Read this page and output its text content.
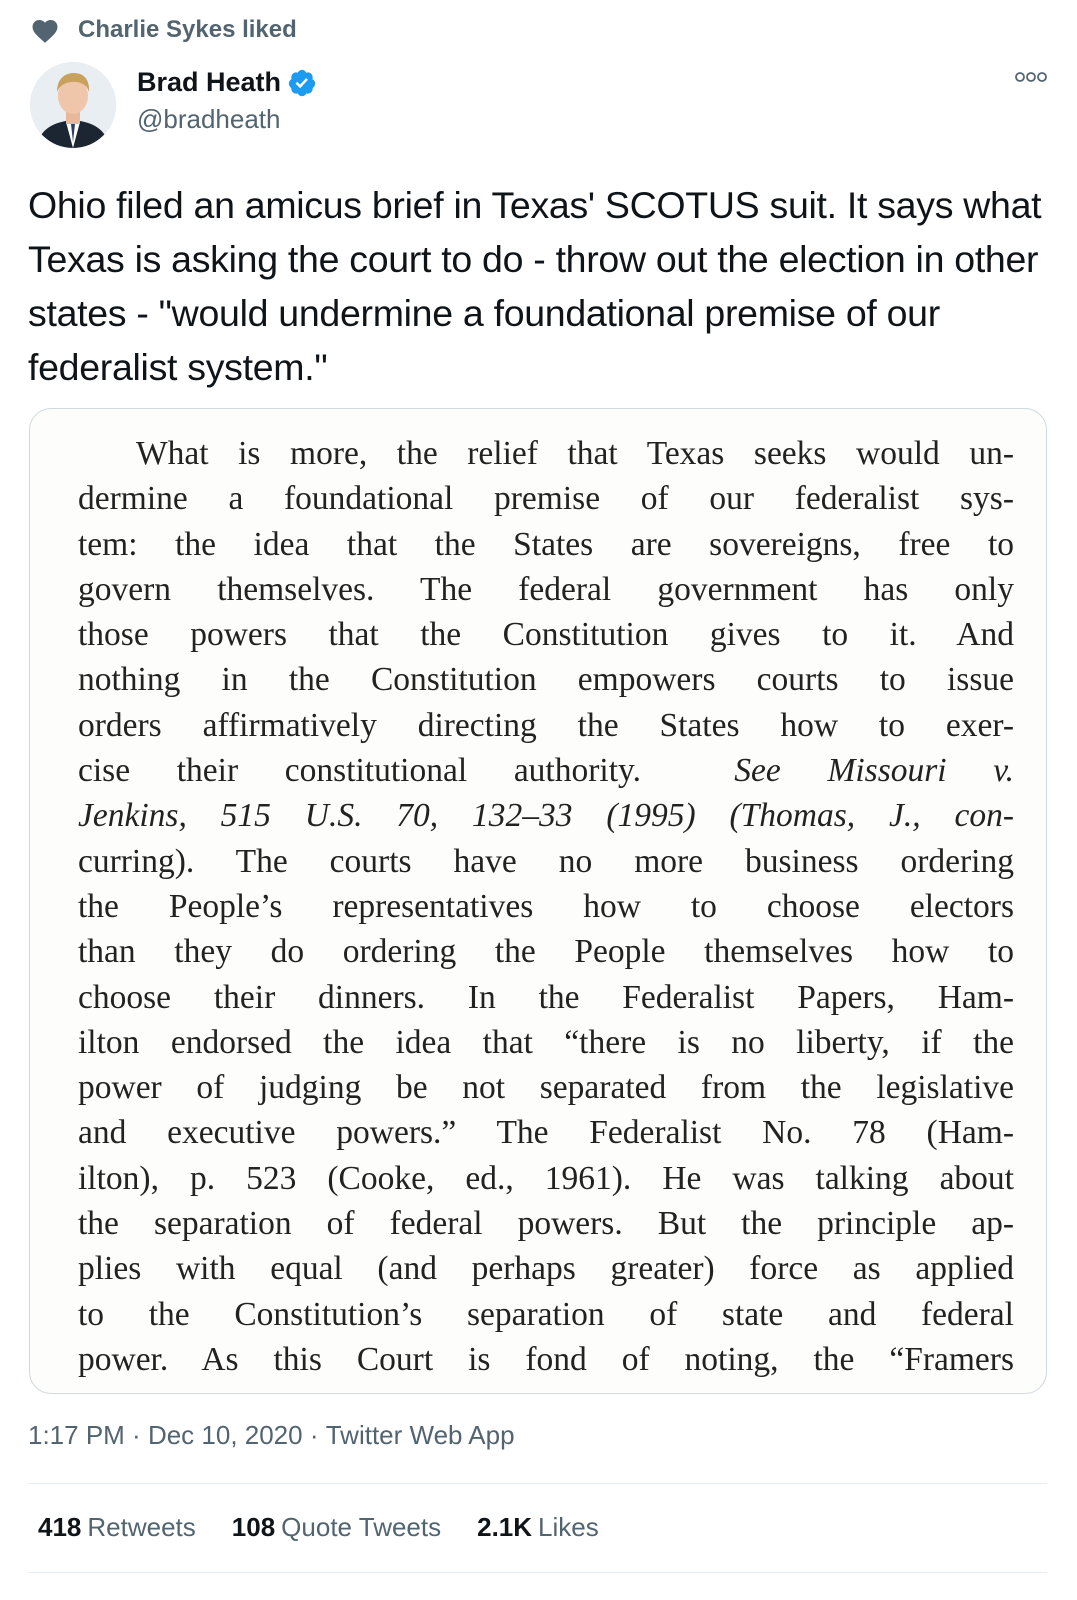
Charlie Sykes liked
Brad Heath
@bradheath
Ohio filed an amicus brief in Texas' SCOTUS suit. It says what Texas is asking the court to do - throw out the election in other states - "would undermine a foundational premise of our federalist system."
What is more, the relief that Texas seeks would un-
dermine a foundational premise of our federalist sys-
tem: the idea that the States are sovereigns, free to
govern themselves. The federal government has only
those powers that the Constitution gives to it. And
nothing in the Constitution empowers courts to issue
orders affirmatively directing the States how to exer-
cise their constitutional authority.	See Missouri v.
Jenkins, 515 U.S. 70, 132–33 (1995) (Thomas, J., con-
curring). The courts have no more business ordering
the People’s representatives how to choose electors
than they do ordering the People themselves how to
choose their dinners. In the Federalist Papers, Ham-
ilton endorsed the idea that “there is no liberty, if the
power of judging be not separated from the legislative
and executive powers.” The Federalist No. 78 (Ham-
ilton), p. 523 (Cooke, ed., 1961). He was talking about
the separation of federal powers. But the principle ap-
plies with equal (and perhaps greater) force as applied
to the Constitution’s separation of state and federal
power. As this Court is fond of noting, the “Framers
1:17 PM · Dec 10, 2020 · Twitter Web App
418 Retweets 108 Quote Tweets 2.1K Likes
